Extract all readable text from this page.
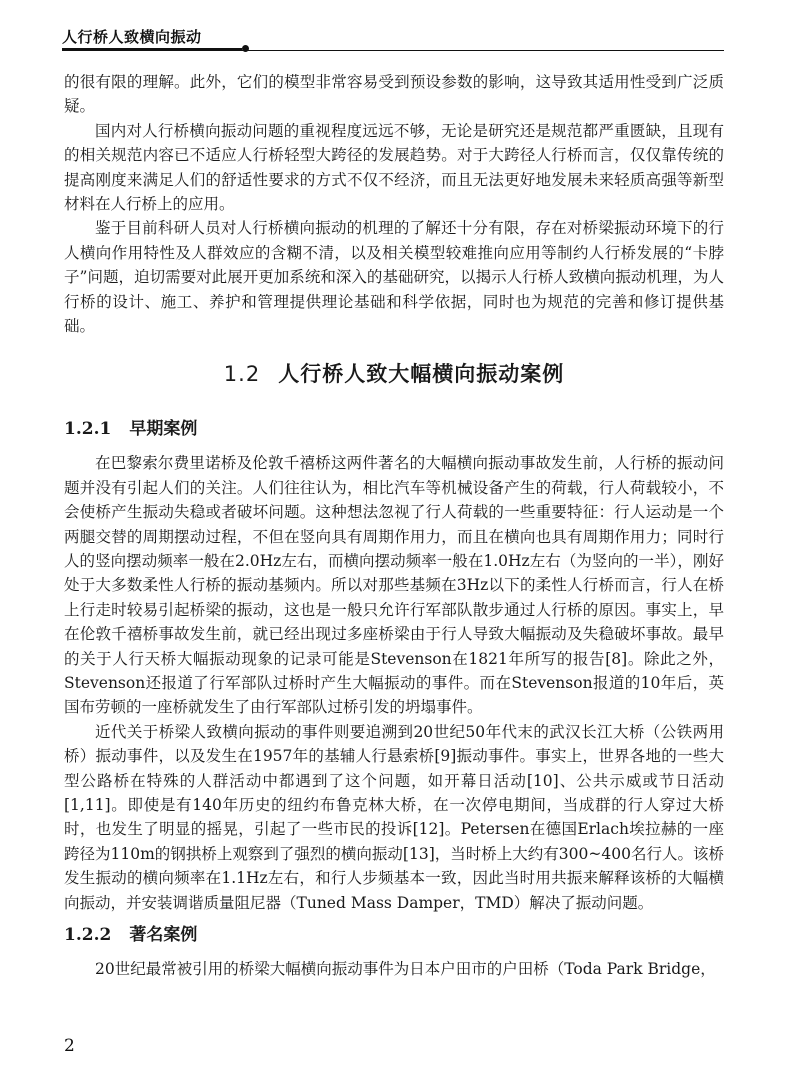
人行桥人致横向振动

的很有限的理解。此外，它们的模型非常容易受到预设参数的影响，这导致其适用性受到广泛质疑。

国内对人行桥横向振动问题的重视程度远远不够，无论是研究还是规范都严重匮缺，且现有的相关规范内容已不适应人行桥轻型大跨径的发展趋势。对于大跨径人行桥而言，仅仅靠传统的提高刚度来满足人们的舒适性要求的方式不仅不经济，而且无法更好地发展未来轻质高强等新型材料在人行桥上的应用。

鉴于目前科研人员对人行桥横向振动的机理的了解还十分有限，存在对桥梁振动环境下的行人横向作用特性及人群效应的含糊不清，以及相关模型较难推向应用等制约人行桥发展的“卡脖子”问题，迫切需要对此展开更加系统和深入的基础研究，以揭示人行桥人致横向振动机理，为人行桥的设计、施工、养护和管理提供理论基础和科学依据，同时也为规范的完善和修订提供基础。

1.2 人行桥人致大幅横向振动案例
1.2.1 早期案例

在巴黎索尔费里诺桥及伦敦千禧桥这两件著名的大幅横向振动事故发生前，人行桥的振动问题并没有引起人们的关注。人们往往认为，相比汽车等机械设备产生的荷载，行人荷载较小，不会使桥产生振动失稳或者破坏问题。这种想法忽视了行人荷载的一些重要特征：行人运动是一个两腿交替的周期摆动过程，不但在竖向具有周期作用力，而且在横向也具有周期作用力；同时行人的竖向摆动频率一般在2.0Hz左右，而横向摆动频率一般在1.0Hz左右（为竖向的一半），刚好处于大多数柔性人行桥的振动基频内。所以对那些基频在3Hz以下的柔性人行桥而言，行人在桥上行走时较易引起桥梁的振动，这也是一般只允许行军部队散步通过人行桥的原因。事实上，早在伦敦千禧桥事故发生前，就已经出现过多座桥梁由于行人导致大幅振动及失稳破坏事故。最早的关于人行天桥大幅振动现象的记录可能是Stevenson在1821年所写的报告[8]。除此之外，Stevenson还报道了行军部队过桥时产生大幅振动的事件。而在Stevenson报道的10年后，英国布劳顿的一座桥就发生了由行军部队过桥引发的坍塌事件。

近代关于桥梁人致横向振动的事件则要追溯到20世纪50年代末的武汉长江大桥（公铁两用桥）振动事件，以及发生在1957年的基辅人行悬索桥[9]振动事件。事实上，世界各地的一些大型公路桥在特殊的人群活动中都遇到了这个问题，如开幕日活动[10]、公共示威或节日活动[1,11]。即使是有140年历史的纽约布鲁克林大桥，在一次停电期间，当成群的行人穿过大桥时，也发生了明显的摇晃，引起了一些市民的投诉[12]。Petersen在德国Erlach埃拉赫的一座跨径为110m的钢拱桥上观察到了强烈的横向振动[13]，当时桥上大约有300~400名行人。该桥发生振动的横向频率在1.1Hz左右，和行人步频基本一致，因此当时用共振来解释该桥的大幅横向振动，并安装调谐质量阻尼器（Tuned Mass Damper，TMD）解决了振动问题。

1.2.2 著名案例

20世纪最常被引用的桥梁大幅横向振动事件为日本户田市的户田桥（Toda Park Bridge，

2
